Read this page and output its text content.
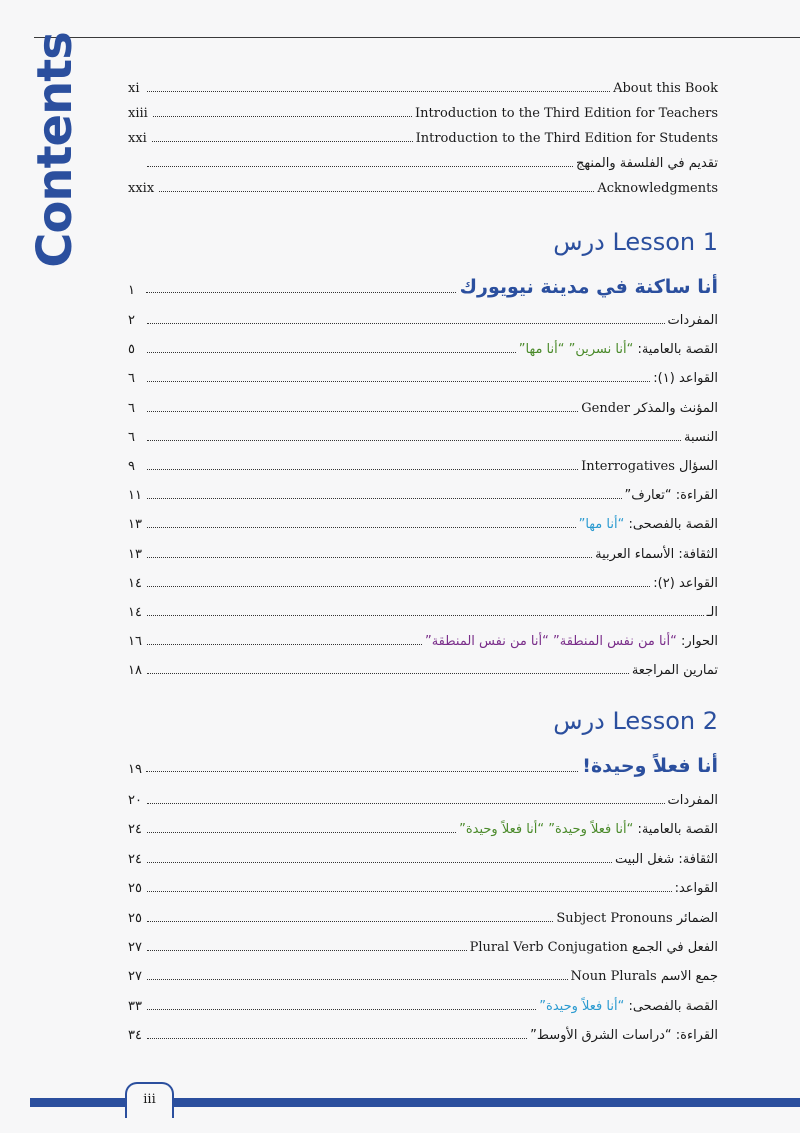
Contents	xi	About this Book
xiii	Introduction to the Third Edition for Teachers
xxi	Introduction to the Third Edition for Students
تقديم في الفلسفة والمنهج
xxix	Acknowledgments
درس Lesson 1
١	أنا ساكنة في مدينة نيويورك
٢	المفردات
٥	القصة بالعامية: “أنا نسرين” “أنا مها”
٦	القواعد (١):
٦	المؤنث والمذكر Gender
٦	النسبة
٩	السؤال Interrogatives
١١	القراءة: “تعارف”
١٣	القصة بالفصحى: “أنا مها”
١٣	الثقافة: الأسماء العربية
١٤	القواعد (٢):
١٤	الـ
١٦	الحوار: “أنا من نفس المنطقة” “أنا من نفس المنطقة”
١٨	تمارين المراجعة
درس Lesson 2
١٩	أنا فعلاً وحيدة!
٢٠	المفردات
٢٤	القصة بالعامية: “أنا فعلاً وحيدة” “أنا فعلاً وحيدة”
٢٤	الثقافة: شغل البيت
٢٥	القواعد:
٢٥	الضمائر Subject Pronouns
٢٧	الفعل في الجمع Plural Verb Conjugation
٢٧	جمع الاسم Noun Plurals
٣٣	القصة بالفصحى: “أنا فعلاً وحيدة”
٣٤	القراءة: “دراسات الشرق الأوسط”
iii
